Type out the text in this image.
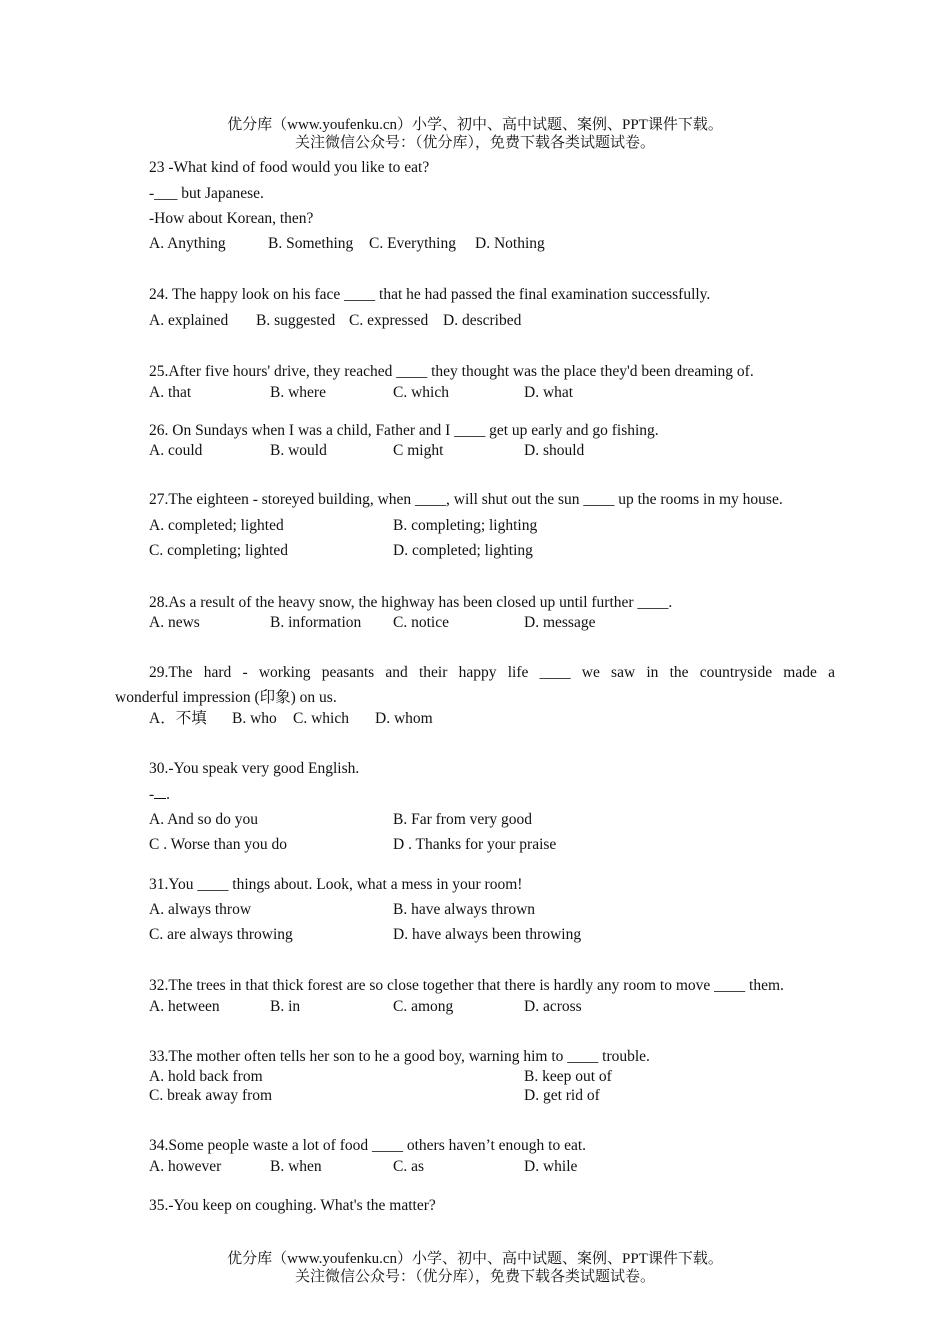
优分库（www.youfenku.cn）小学、初中、高中试题、案例、PPT课件下载。
关注微信公众号：（优分库），免费下载各类试题试卷。
23 -What kind of food would you like to eat?
-___ but Japanese.
-How about Korean, then?
A. Anything	B. Something C. Everything D. Nothing
24. The happy look on his face ____ that he had passed the final examination successfully.
A. explained B. suggested C. expressed D. described
25.After five hours' drive, they reached ____ they thought was the place they'd been dreaming of.
A. that	B. where	C. which	D. what
26. On Sundays when I was a child, Father and I ____ get up early and go fishing.
A. could	B. would	C might	D. should
27.The eighteen - storeyed building, when ____, will shut out the sun ____ up the rooms in my house.
A. completed; lighted	B. completing; lighting
C. completing; lighted	D. completed; lighting
28.As a result of the heavy snow, the highway has been closed up until further ____.
A. news	B. information C. notice	D. message
29.The hard - working peasants and their happy life ____ we saw in the countryside made a
wonderful impression (印象) on us.
A．不填 B. who C. which D. whom
30.-You speak very good English.
- .
A. And so do you	B. Far from very good
C . Worse than you do	D . Thanks for your praise
31.You ____ things about. Look, what a mess in your room!
A. always throw	B. have always thrown
C. are always throwing	D. have always been throwing
32.The trees in that thick forest are so close together that there is hardly any room to move ____ them.
A. hetween	B. in	C. among	D. across
33.The mother often tells her son to he a good boy, warning him to ____ trouble.
A. hold back from	B. keep out of
C. break away from	D. get rid of
34.Some people waste a lot of food ____ others haven’t enough to eat.
A. however	B. when	C. as	D. while
35.-You keep on coughing. What's the matter?
优分库（www.youfenku.cn）小学、初中、高中试题、案例、PPT课件下载。
关注微信公众号：（优分库），免费下载各类试题试卷。
